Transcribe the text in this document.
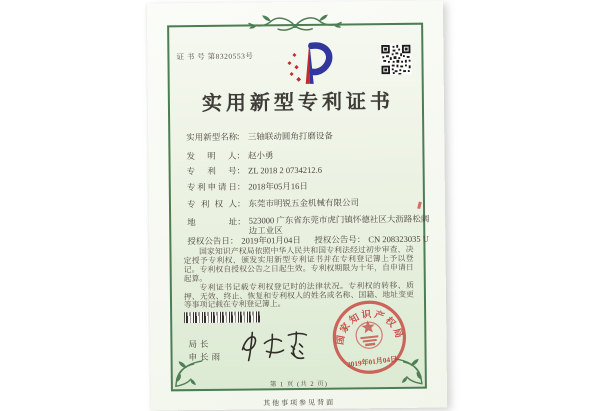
证 书 号 第8320553号
实用新型专利证书
实用新型名称： 三轴联动圆角打磨设备
发明人： 赵小勇
专利号： ZL 2018 2 0734212.6
专利申请日： 2018年05月16日
专利权人： 东莞市明锐五金机械有限公司
地址： 523000 广东省东莞市虎门镇怀德社区大沥路松阔边工业区
授权公告日： 2019年01月04日 授权公告号： CN 208323035 U

国家知识产权局依照中华人民共和国专利法经过初步审查，决定授予专利权，颁发实用新型专利证书并在专利登记簿上予以登记。专利权自授权公告之日起生效。专利权期限为十年，自申请日起算。

专利证书记载专利权登记时的法律状况。专利权的转移、质押、无效、终止、恢复和专利权人的姓名或名称、国籍、地址变更等事项记载在专利登记簿上。

局长
申长雨
国家知识产权局
2019年01月04日
第 1 页 (共 2 页)
其他事项参见背面
